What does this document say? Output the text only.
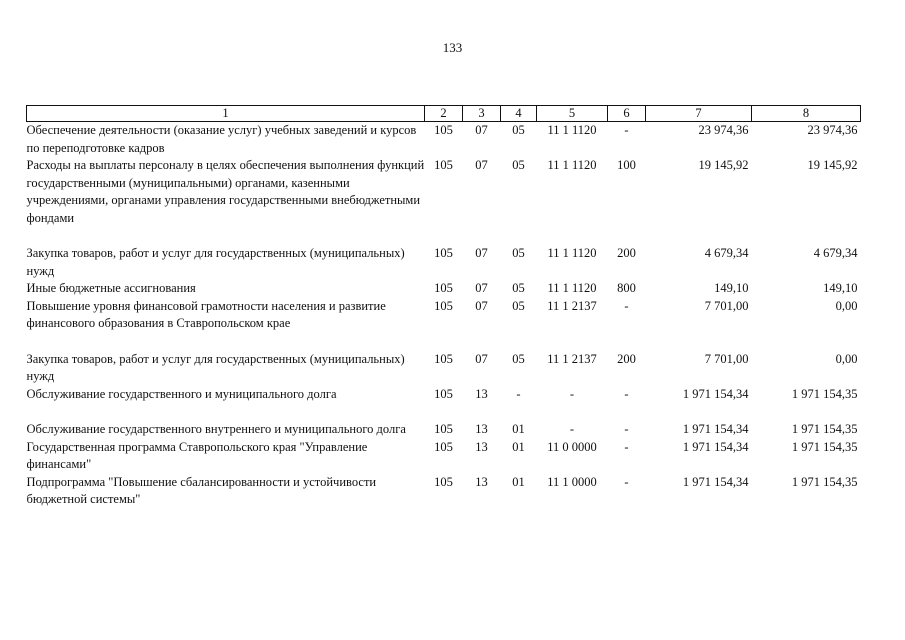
133
1	2	3	4	5	6	7	8
Обеспечение деятельности (оказание услуг) учебных заведений и курсов по переподготовке кадров	105	07	05	11 1 1120	-	23 974,36	23 974,36
Расходы на выплаты персоналу в целях обеспечения выполнения функций государственными (муниципальными) органами, казенными учреждениями, органами управления государственными внебюджетными фондами	105	07	05	11 1 1120	100	19 145,92	19 145,92

Закупка товаров, работ и услуг для государственных (муниципальных) нужд	105	07	05	11 1 1120	200	4 679,34	4 679,34
Иные бюджетные ассигнования	105	07	05	11 1 1120	800	149,10	149,10
Повышение уровня финансовой грамотности населения и развитие финансового образования в Ставропольском крае	105	07	05	11 1 2137	-	7 701,00	0,00

Закупка товаров, работ и услуг для государственных (муниципальных) нужд	105	07	05	11 1 2137	200	7 701,00	0,00
Обслуживание государственного и муниципального долга	105	13	-	-	-	1 971 154,34	1 971 154,35

Обслуживание государственного внутреннего и муниципального долга	105	13	01	-	-	1 971 154,34	1 971 154,35
Государственная программа Ставропольского края "Управление финансами"	105	13	01	11 0 0000	-	1 971 154,34	1 971 154,35
Подпрограмма "Повышение сбалансированности и устойчивости бюджетной системы"	105	13	01	11 1 0000	-	1 971 154,34	1 971 154,35
